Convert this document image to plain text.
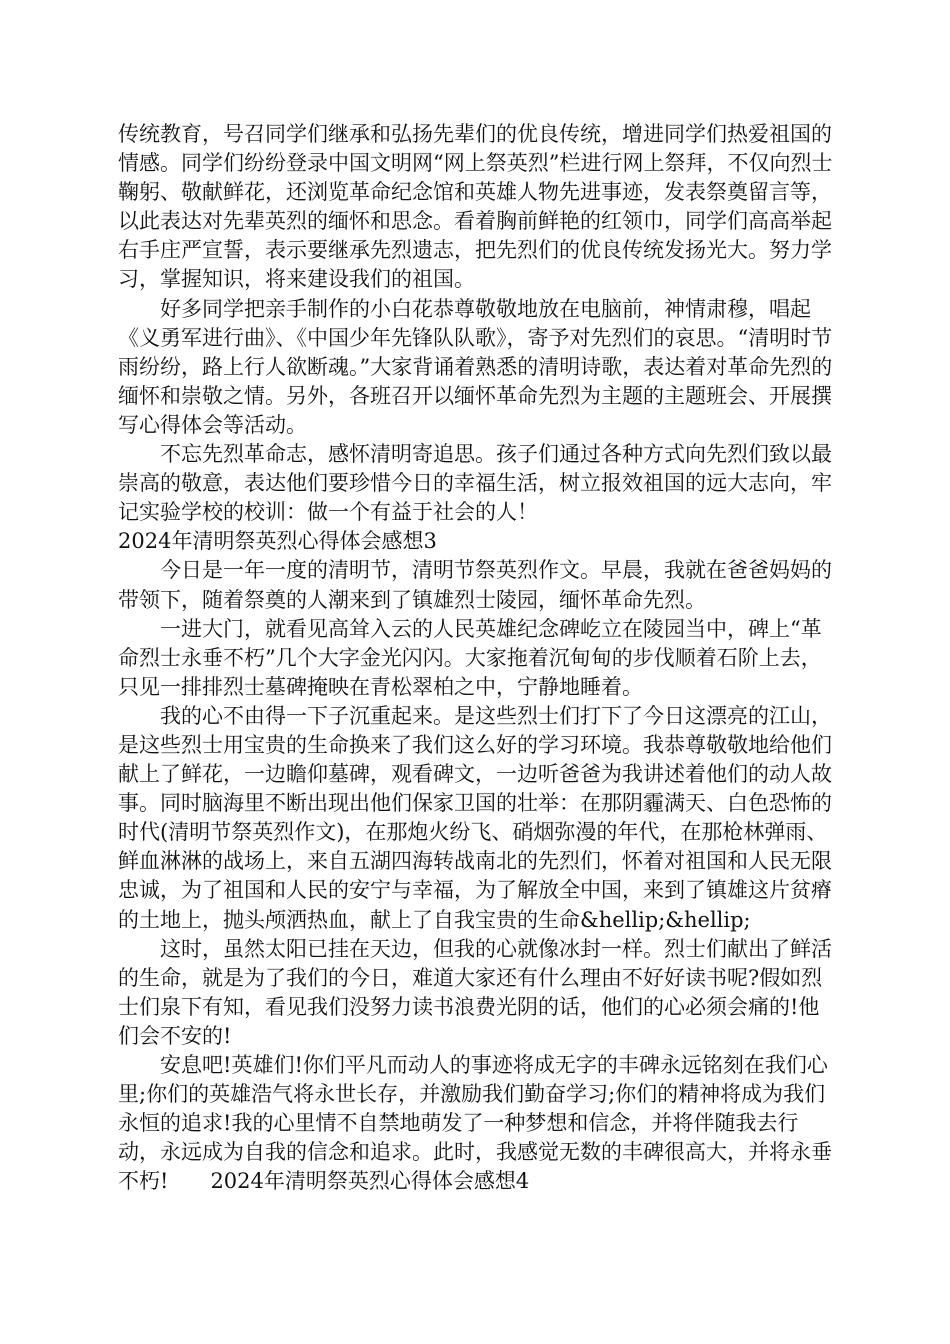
传统教育，号召同学们继承和弘扬先辈们的优良传统，增进同学们热爱祖国的情感。同学们纷纷登录中国文明网“网上祭英烈”栏进行网上祭拜，不仅向烈士鞠躬、敬献鲜花，还浏览革命纪念馆和英雄人物先进事迹，发表祭奠留言等，以此表达对先辈英烈的缅怀和思念。看着胸前鲜艳的红领巾，同学们高高举起右手庄严宣誓，表示要继承先烈遗志，把先烈们的优良传统发扬光大。努力学习，掌握知识，将来建设我们的祖国。

好多同学把亲手制作的小白花恭尊敬敬地放在电脑前，神情肃穆，唱起《义勇军进行曲》、《中国少年先锋队队歌》，寄予对先烈们的哀思。“清明时节雨纷纷，路上行人欲断魂。”大家背诵着熟悉的清明诗歌，表达着对革命先烈的缅怀和崇敬之情。另外，各班召开以缅怀革命先烈为主题的主题班会、开展撰写心得体会等活动。

不忘先烈革命志，感怀清明寄追思。孩子们通过各种方式向先烈们致以最崇高的敬意，表达他们要珍惜今日的幸福生活，树立报效祖国的远大志向，牢记实验学校的校训：做一个有益于社会的人！

2024年清明祭英烈心得体会感想3

今日是一年一度的清明节，清明节祭英烈作文。早晨，我就在爸爸妈妈的带领下，随着祭奠的人潮来到了镇雄烈士陵园，缅怀革命先烈。

一进大门，就看见高耸入云的人民英雄纪念碑屹立在陵园当中，碑上“革命烈士永垂不朽”几个大字金光闪闪。大家拖着沉甸甸的步伐顺着石阶上去，只见一排排烈士墓碑掩映在青松翠柏之中，宁静地睡着。

我的心不由得一下子沉重起来。是这些烈士们打下了今日这漂亮的江山，是这些烈士用宝贵的生命换来了我们这么好的学习环境。我恭尊敬敬地给他们献上了鲜花，一边瞻仰墓碑，观看碑文，一边听爸爸为我讲述着他们的动人故事。同时脑海里不断出现出他们保家卫国的壮举：在那阴霾满天、白色恐怖的时代(清明节祭英烈作文)，在那炮火纷飞、硝烟弥漫的年代，在那枪林弹雨、鲜血淋淋的战场上，来自五湖四海转战南北的先烈们，怀着对祖国和人民无限忠诚，为了祖国和人民的安宁与幸福，为了解放全中国，来到了镇雄这片贫瘠的土地上，抛头颅洒热血，献上了自我宝贵的生命&hellip;&hellip;

这时，虽然太阳已挂在天边，但我的心就像冰封一样。烈士们献出了鲜活的生命，就是为了我们的今日，难道大家还有什么理由不好好读书呢?假如烈士们泉下有知，看见我们没努力读书浪费光阴的话，他们的心必须会痛的!他们会不安的!

安息吧!英雄们!你们平凡而动人的事迹将成无字的丰碑永远铭刻在我们心里;你们的英雄浩气将永世长存，并激励我们勤奋学习;你们的精神将成为我们永恒的追求!我的心里情不自禁地萌发了一种梦想和信念，并将伴随我去行动，永远成为自我的信念和追求。此时，我感觉无数的丰碑很高大，并将永垂不朽!　　2024年清明祭英烈心得体会感想4
